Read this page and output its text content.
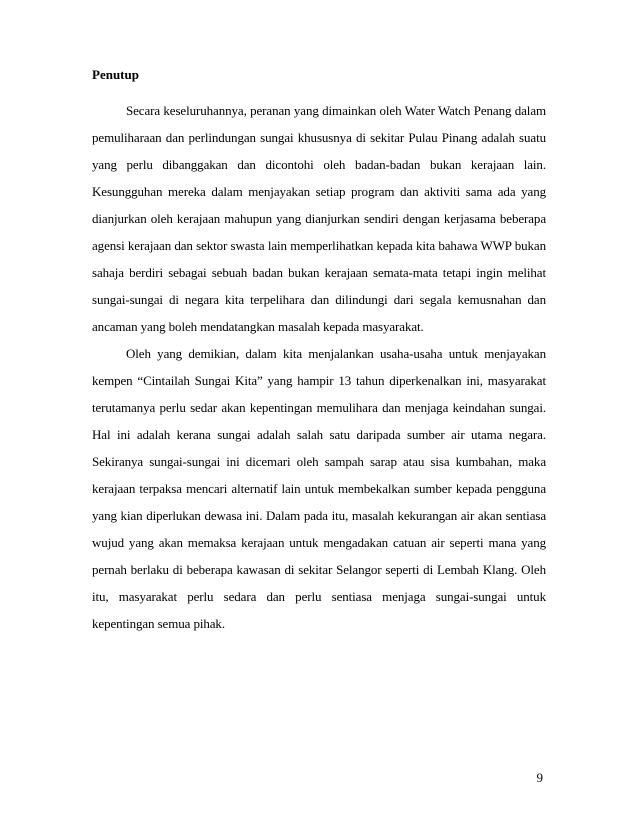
Penutup

Secara keseluruhannya, peranan yang dimainkan oleh Water Watch Penang dalam pemuliharaan dan perlindungan sungai khususnya di sekitar Pulau Pinang adalah suatu yang perlu dibanggakan dan dicontohi oleh badan-badan bukan kerajaan lain. Kesungguhan mereka dalam menjayakan setiap program dan aktiviti sama ada yang dianjurkan oleh kerajaan mahupun yang dianjurkan sendiri dengan kerjasama beberapa agensi kerajaan dan sektor swasta lain memperlihatkan kepada kita bahawa WWP bukan sahaja berdiri sebagai sebuah badan bukan kerajaan semata-mata tetapi ingin melihat sungai-sungai di negara kita terpelihara dan dilindungi dari segala kemusnahan dan ancaman yang boleh mendatangkan masalah kepada masyarakat.

Oleh yang demikian, dalam kita menjalankan usaha-usaha untuk menjayakan kempen “Cintailah Sungai Kita” yang hampir 13 tahun diperkenalkan ini, masyarakat terutamanya perlu sedar akan kepentingan memulihara dan menjaga keindahan sungai. Hal ini adalah kerana sungai adalah salah satu daripada sumber air utama negara. Sekiranya sungai-sungai ini dicemari oleh sampah sarap atau sisa kumbahan, maka kerajaan terpaksa mencari alternatif lain untuk membekalkan sumber kepada pengguna yang kian diperlukan dewasa ini. Dalam pada itu, masalah kekurangan air akan sentiasa wujud yang akan memaksa kerajaan untuk mengadakan catuan air seperti mana yang pernah berlaku di beberapa kawasan di sekitar Selangor seperti di Lembah Klang. Oleh itu, masyarakat perlu sedara dan perlu sentiasa menjaga sungai-sungai untuk kepentingan semua pihak.

9
